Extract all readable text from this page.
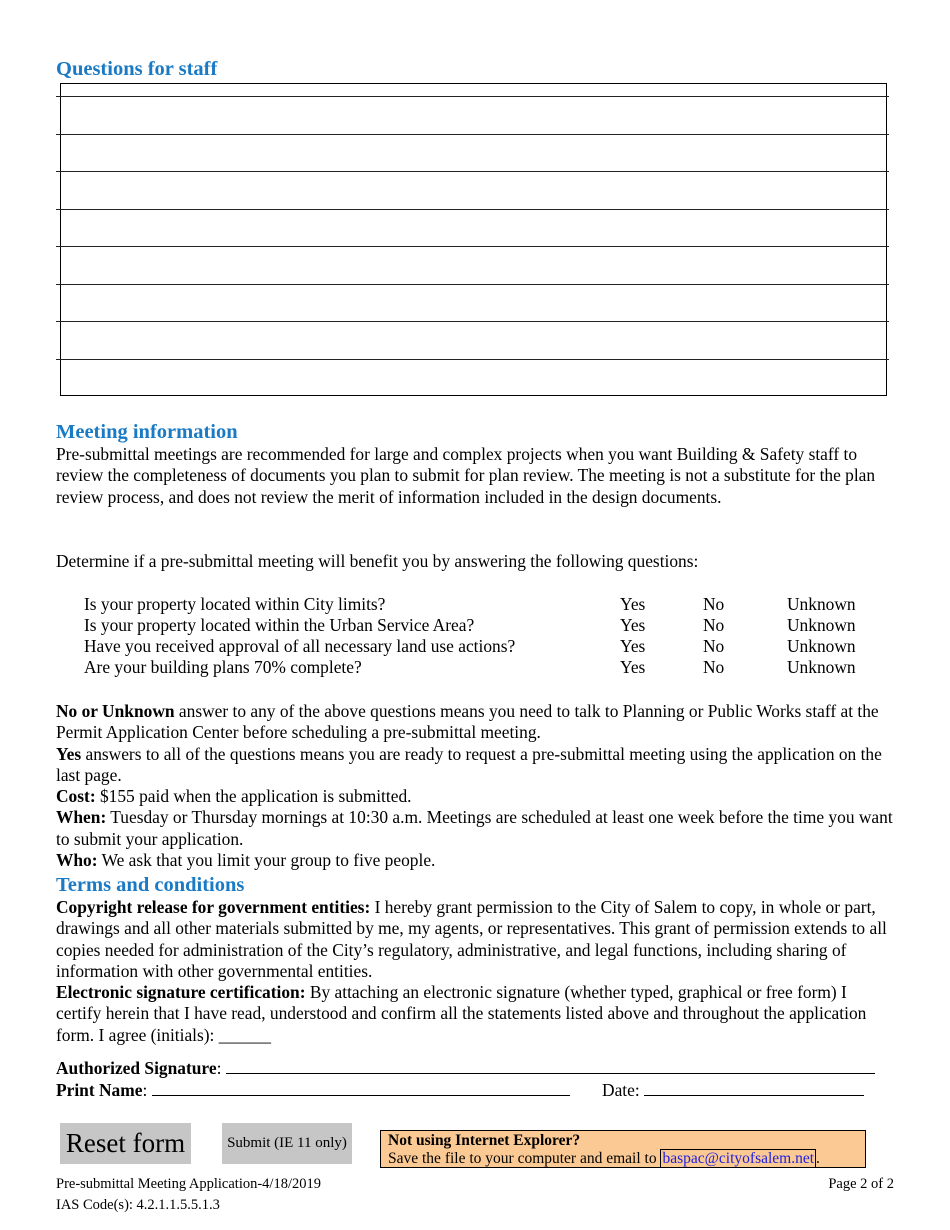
Questions for staff
Meeting information
Pre-submittal meetings are recommended for large and complex projects when you want Building & Safety staff to review the completeness of documents you plan to submit for plan review. The meeting is not a substitute for the plan review process, and does not review the merit of information included in the design documents.
Determine if a pre-submittal meeting will benefit you by answering the following questions:
Is your property located within City limits?	Yes	No	Unknown
Is your property located within the Urban Service Area?	Yes	No	Unknown
Have you received approval of all necessary land use actions?	Yes	No	Unknown
Are your building plans 70% complete?	Yes	No	Unknown
No or Unknown answer to any of the above questions means you need to talk to Planning or Public Works staff at the Permit Application Center before scheduling a pre-submittal meeting.
Yes answers to all of the questions means you are ready to request a pre-submittal meeting using the application on the last page.
Cost: $155 paid when the application is submitted.
When: Tuesday or Thursday mornings at 10:30 a.m. Meetings are scheduled at least one week before the time you want to submit your application.
Who: We ask that you limit your group to five people.
Terms and conditions
Copyright release for government entities: I hereby grant permission to the City of Salem to copy, in whole or part, drawings and all other materials submitted by me, my agents, or representatives. This grant of permission extends to all copies needed for administration of the City’s regulatory, administrative, and legal functions, including sharing of information with other governmental entities.
Electronic signature certification: By attaching an electronic signature (whether typed, graphical or free form) I certify herein that I have read, understood and confirm all the statements listed above and throughout the application form. I agree (initials): ______
Authorized Signature:
Print Name:	Date:
Reset form	Submit (IE 11 only)	Not using Internet Explorer?
Save the file to your computer and email to baspac@cityofsalem.net .
Pre-submittal Meeting Application-4/18/2019
IAS Code(s): 4.2.1.1.5.5.1.3
Page 2 of 2
